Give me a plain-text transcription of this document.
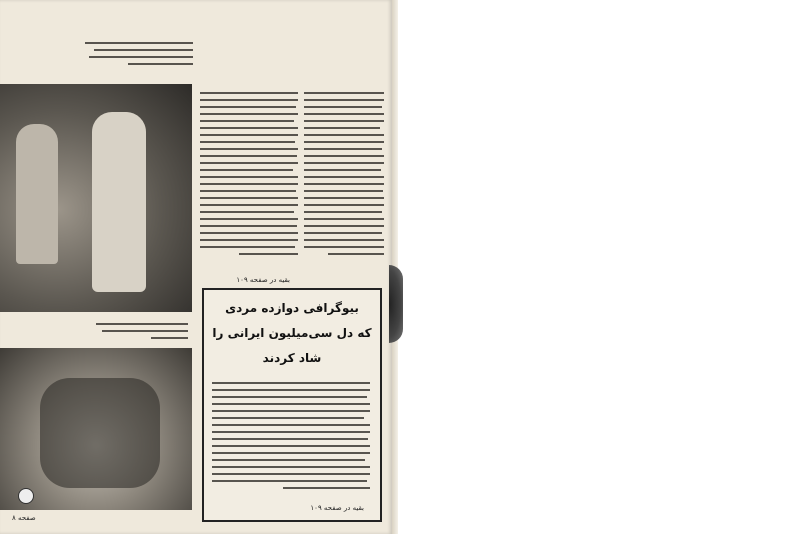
صفحه ۸
بقیه در صفحه ۱۰۹
بیوگرافی دوازده مردی
که دل سی‌میلیون ایرانی را
شاد کردند
بقیه در صفحه ۱۰۹
